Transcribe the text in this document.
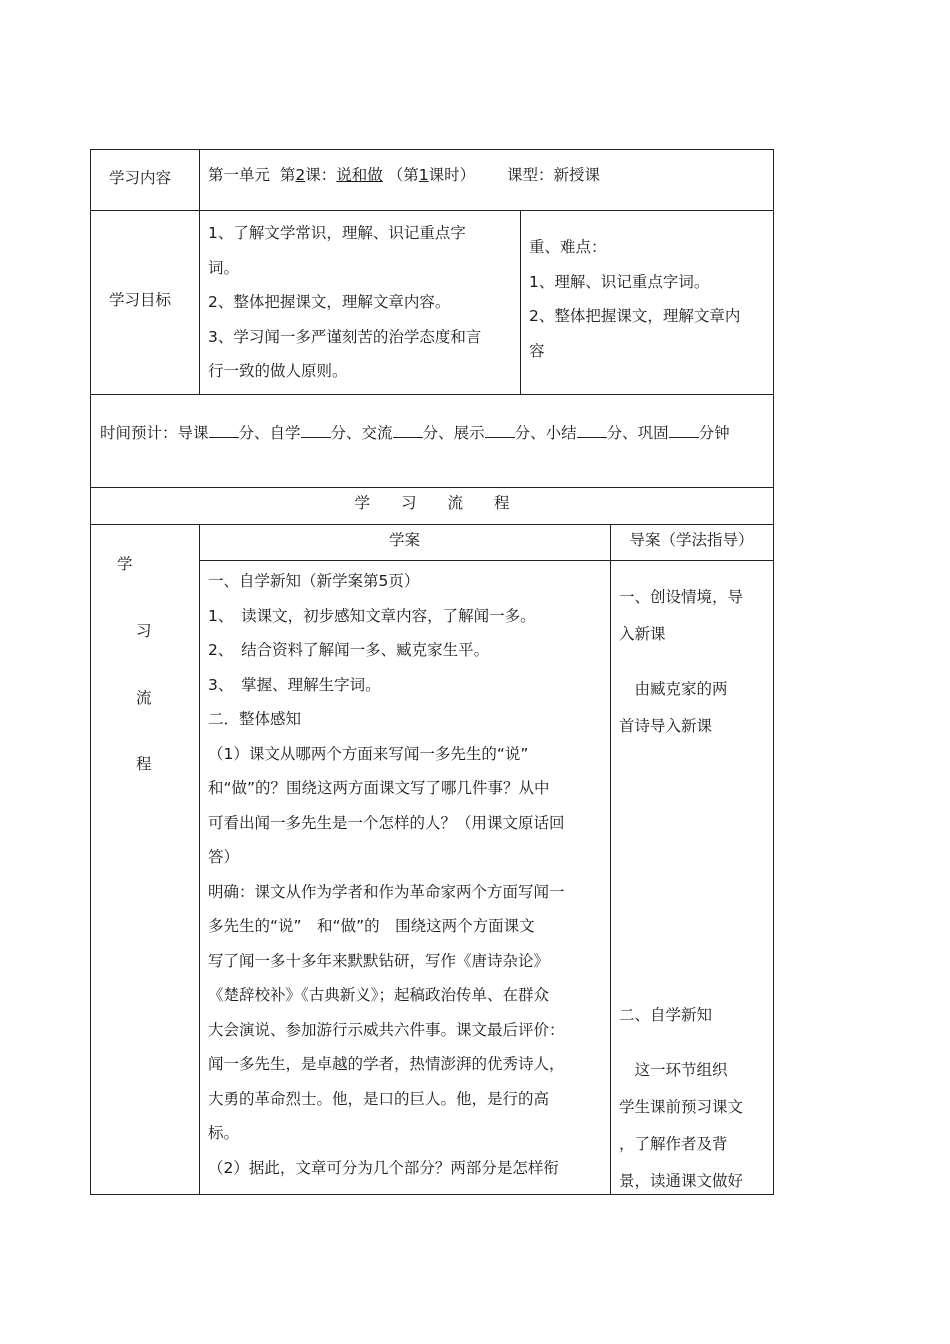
学习内容 第一单元 第2课：说和做 （第1课时） 课型：新授课
学习目标
1、了解文学常识，理解、识记重点字
词。
2、整体把握课文，理解文章内容。
3、学习闻一多严谨刻苦的治学态度和言
行一致的做人原则。
重、难点：
1、理解、识记重点字词。
2、整体把握课文，理解文章内
容
时间预计：导课 分、自学 分、交流 分、展示 分、小结 分、巩固 分钟
学　　习　　流　　程
学
习
流
程
学案	导案（学法指导）
一、自学新知（新学案第5页）
1、　读课文，初步感知文章内容，了解闻一多。
2、　结合资料了解闻一多、臧克家生平。
3、　掌握、理解生字词。
二．整体感知
（1）课文从哪两个方面来写闻一多先生的“说”
和“做”的？围绕这两方面课文写了哪几件事？从中
可看出闻一多先生是一个怎样的人？（用课文原话回
答）
明确：课文从作为学者和作为革命家两个方面写闻一
多先生的“说”　和“做”的　围绕这两个方面课文
写了闻一多十多年来默默钻研，写作《唐诗杂论》
《楚辞校补》《古典新义》；起稿政治传单、在群众
大会演说、参加游行示威共六件事。课文最后评价：
闻一多先生，是卓越的学者，热情澎湃的优秀诗人，
大勇的革命烈士。他，是口的巨人。他，是行的高
标。
（2）据此，文章可分为几个部分？两部分是怎样衔
一、创设情境，导
入新课
　由臧克家的两
首诗导入新课
二、自学新知
　这一环节组织
学生课前预习课文
，了解作者及背
景，读通课文做好
